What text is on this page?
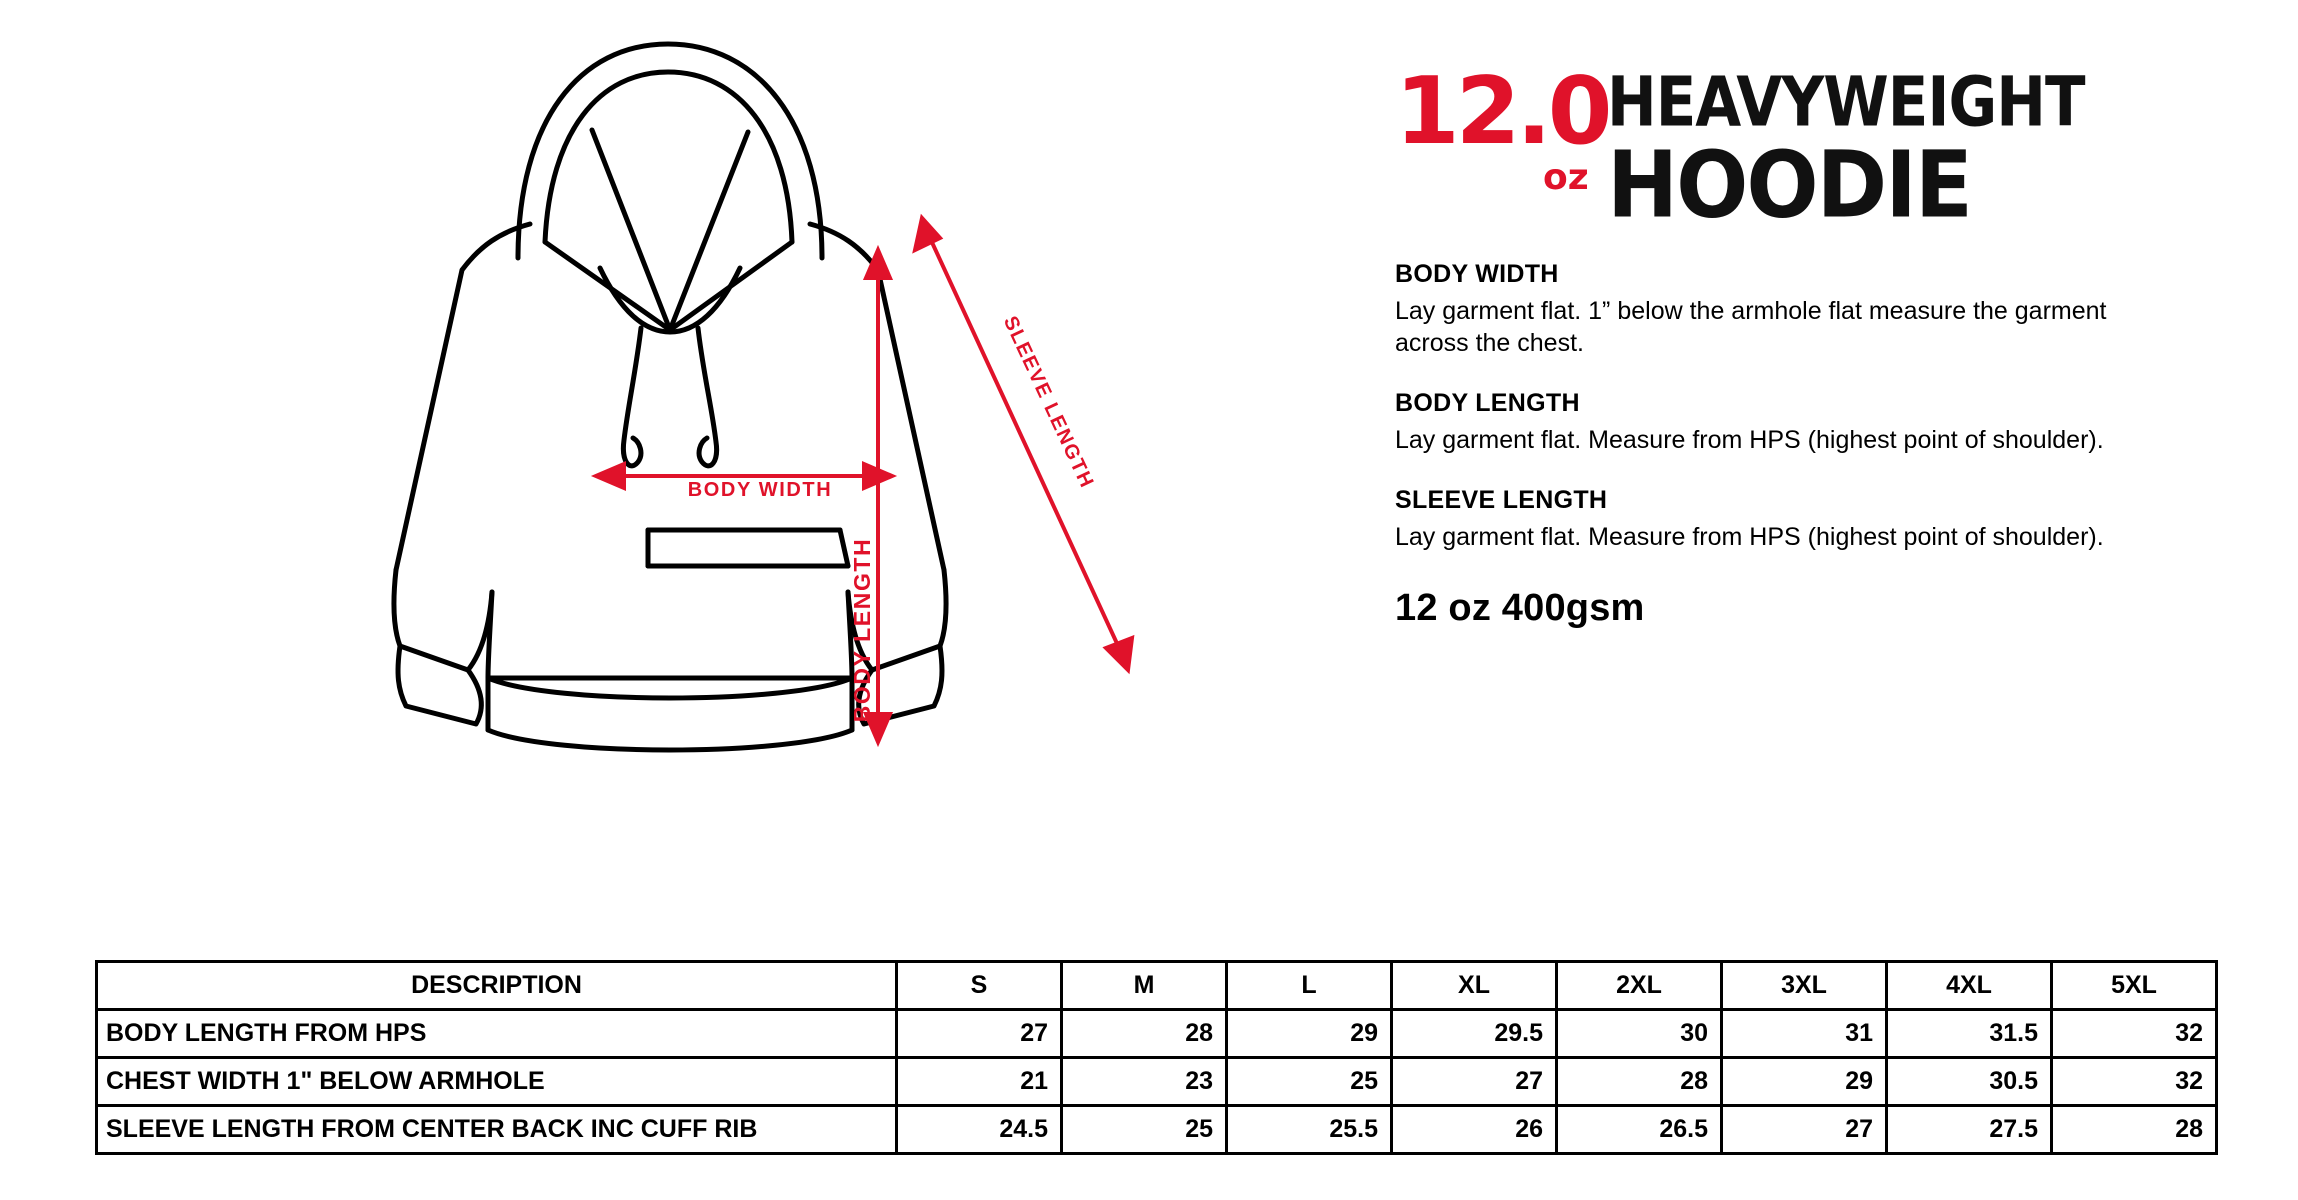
BODY WIDTH
BODY LENGTH
SLEEVE LENGTH
12.0
oz
HEAVYWEIGHT
HOODIE
BODY WIDTH
Lay garment flat. 1” below the armhole flat measure the garment across the chest.
BODY LENGTH
Lay garment flat. Measure from HPS (highest point of shoulder).
SLEEVE LENGTH
Lay garment flat. Measure from HPS (highest point of shoulder).
12 oz 400gsm
DESCRIPTION	S	M	L	XL	2XL	3XL	4XL	5XL
BODY LENGTH FROM HPS	27	28	29	29.5	30	31	31.5	32
CHEST WIDTH 1" BELOW ARMHOLE	21	23	25	27	28	29	30.5	32
SLEEVE LENGTH FROM CENTER BACK INC CUFF RIB	24.5	25	25.5	26	26.5	27	27.5	28
